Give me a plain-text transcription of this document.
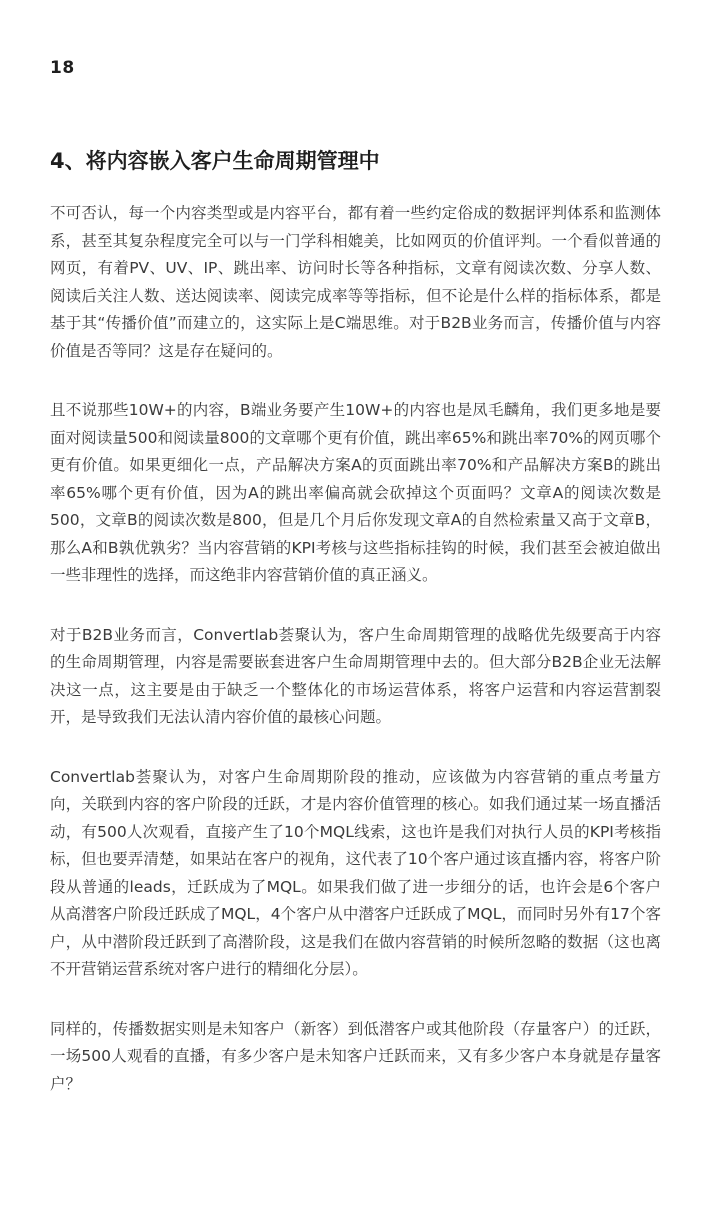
18
4、将内容嵌入客户生命周期管理中

不可否认，每一个内容类型或是内容平台，都有着一些约定俗成的数据评判体系和监测体系，甚至其复杂程度完全可以与一门学科相媲美，比如网页的价值评判。一个看似普通的网页，有着PV、UV、IP、跳出率、访问时长等各种指标，文章有阅读次数、分享人数、阅读后关注人数、送达阅读率、阅读完成率等等指标，但不论是什么样的指标体系，都是基于其“传播价值”而建立的，这实际上是C端思维。对于B2B业务而言，传播价值与内容价值是否等同？这是存在疑问的。

且不说那些10W+的内容，B端业务要产生10W+的内容也是凤毛麟角，我们更多地是要面对阅读量500和阅读量800的文章哪个更有价值，跳出率65%和跳出率70%的网页哪个更有价值。如果更细化一点，产品解决方案A的页面跳出率70%和产品解决方案B的跳出率65%哪个更有价值，因为A的跳出率偏高就会砍掉这个页面吗？文章A的阅读次数是500，文章B的阅读次数是800，但是几个月后你发现文章A的自然检索量又高于文章B，那么A和B孰优孰劣？当内容营销的KPI考核与这些指标挂钩的时候，我们甚至会被迫做出一些非理性的选择，而这绝非内容营销价值的真正涵义。

对于B2B业务而言，Convertlab荟聚认为，客户生命周期管理的战略优先级要高于内容的生命周期管理，内容是需要嵌套进客户生命周期管理中去的。但大部分B2B企业无法解决这一点，这主要是由于缺乏一个整体化的市场运营体系，将客户运营和内容运营割裂开，是导致我们无法认清内容价值的最核心问题。

Convertlab荟聚认为，对客户生命周期阶段的推动，应该做为内容营销的重点考量方向，关联到内容的客户阶段的迁跃，才是内容价值管理的核心。如我们通过某一场直播活动，有500人次观看，直接产生了10个MQL线索，这也许是我们对执行人员的KPI考核指标，但也要弄清楚，如果站在客户的视角，这代表了10个客户通过该直播内容，将客户阶段从普通的leads，迁跃成为了MQL。如果我们做了进一步细分的话，也许会是6个客户从高潜客户阶段迁跃成了MQL，4个客户从中潜客户迁跃成了MQL，而同时另外有17个客户，从中潜阶段迁跃到了高潜阶段，这是我们在做内容营销的时候所忽略的数据（这也离不开营销运营系统对客户进行的精细化分层）。

同样的，传播数据实则是未知客户（新客）到低潜客户或其他阶段（存量客户）的迁跃，一场500人观看的直播，有多少客户是未知客户迁跃而来，又有多少客户本身就是存量客户？
